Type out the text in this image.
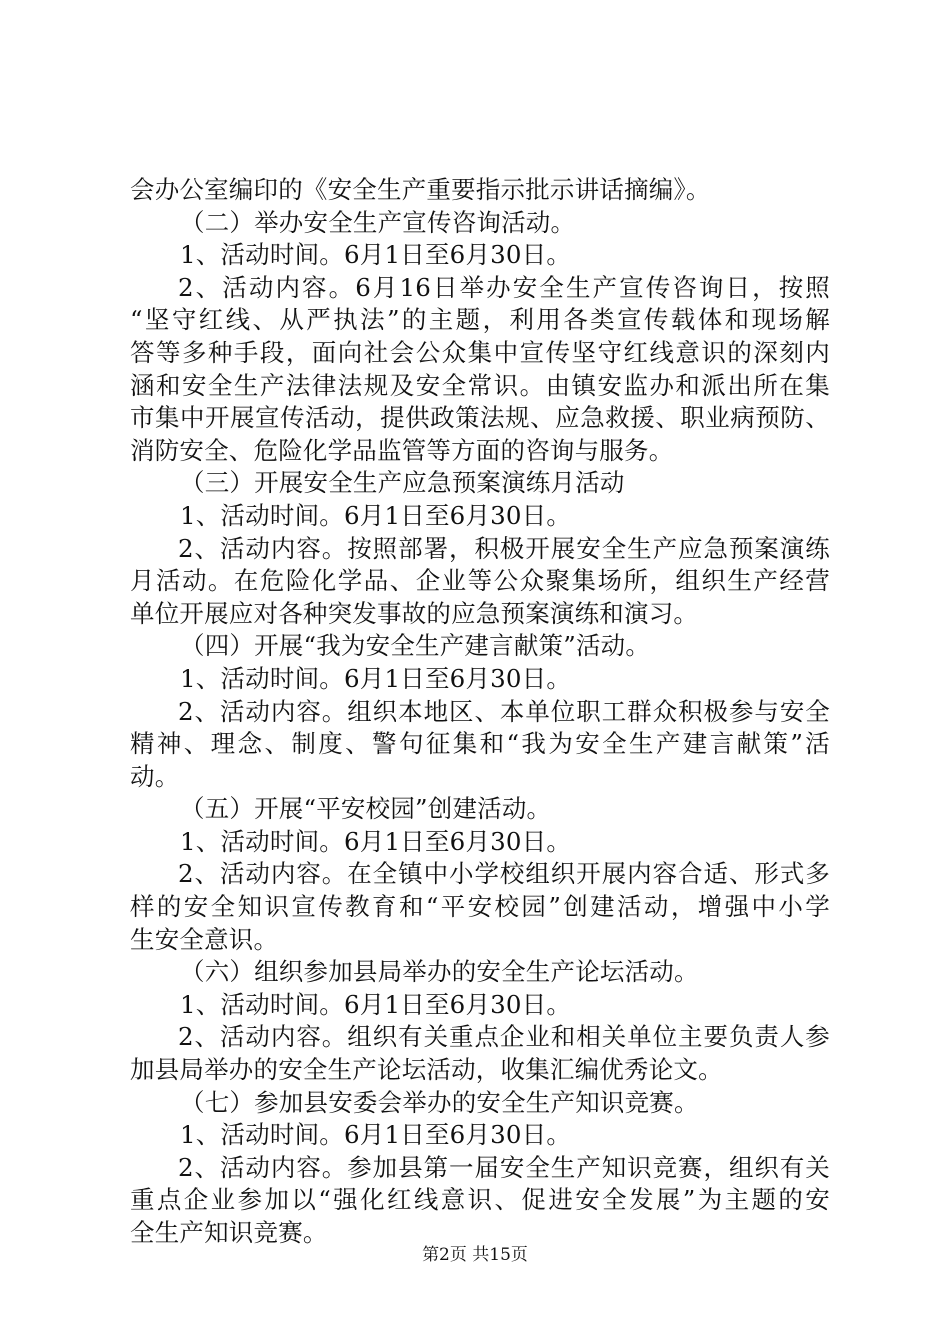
会办公室编印的《安全生产重要指示批示讲话摘编》。
（二）举办安全生产宣传咨询活动。
1、活动时间。6月1日至6月30日。
2、活动内容。6月16日举办安全生产宣传咨询日，按照
“坚守红线、从严执法”的主题，利用各类宣传载体和现场解
答等多种手段，面向社会公众集中宣传坚守红线意识的深刻内
涵和安全生产法律法规及安全常识。由镇安监办和派出所在集
市集中开展宣传活动，提供政策法规、应急救援、职业病预防、
消防安全、危险化学品监管等方面的咨询与服务。
（三）开展安全生产应急预案演练月活动
1、活动时间。6月1日至6月30日。
2、活动内容。按照部署，积极开展安全生产应急预案演练
月活动。在危险化学品、企业等公众聚集场所，组织生产经营
单位开展应对各种突发事故的应急预案演练和演习。
（四）开展“我为安全生产建言献策”活动。
1、活动时间。6月1日至6月30日。
2、活动内容。组织本地区、本单位职工群众积极参与安全
精神、理念、制度、警句征集和“我为安全生产建言献策”活
动。
（五）开展“平安校园”创建活动。
1、活动时间。6月1日至6月30日。
2、活动内容。在全镇中小学校组织开展内容合适、形式多
样的安全知识宣传教育和“平安校园”创建活动，增强中小学
生安全意识。
（六）组织参加县局举办的安全生产论坛活动。
1、活动时间。6月1日至6月30日。
2、活动内容。组织有关重点企业和相关单位主要负责人参
加县局举办的安全生产论坛活动，收集汇编优秀论文。
（七）参加县安委会举办的安全生产知识竞赛。
1、活动时间。6月1日至6月30日。
2、活动内容。参加县第一届安全生产知识竞赛，组织有关
重点企业参加以“强化红线意识、促进安全发展”为主题的安
全生产知识竞赛。
第2页 共15页
